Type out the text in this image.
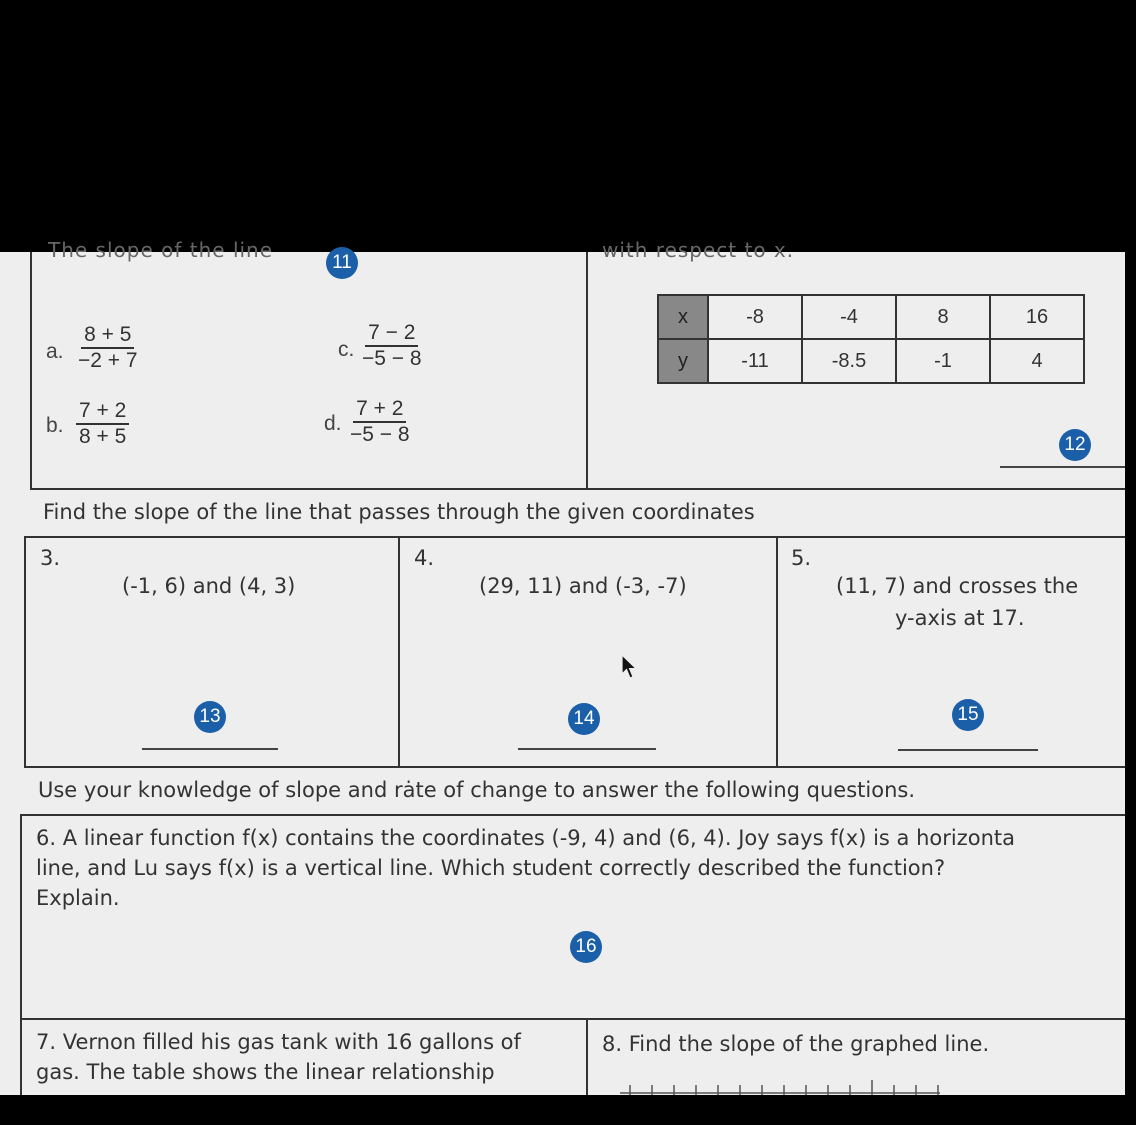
The slope of the line	with respect to x.
11
a. $\frac{8 + 5}{-2 + 7}$
b. $\frac{7 + 2}{8 + 5}$
c. $\frac{7 - 2}{-5 - 8}$
d. $\frac{7 + 2}{-5 - 8}$
x	-8	-4	8	16
y	-11	-8.5	-1	4
12
Find the slope of the line that passes through the given coordinates
3.
(-1, 6) and (4, 3)
13
4.
(29, 11) and (-3, -7)
14
5.
(11, 7) and crosses the
y-axis at 17.
15
Use your knowledge of slope and rȧte of change to answer the following questions.
6. A linear function f(x) contains the coordinates (-9, 4) and (6, 4). Joy says f(x) is a horizonta
line, and Lu says f(x) is a vertical line. Which student correctly described the function?
Explain.
16
7. Vernon filled his gas tank with 16 gallons of
gas. The table shows the linear relationship
8. Find the slope of the graphed line.
